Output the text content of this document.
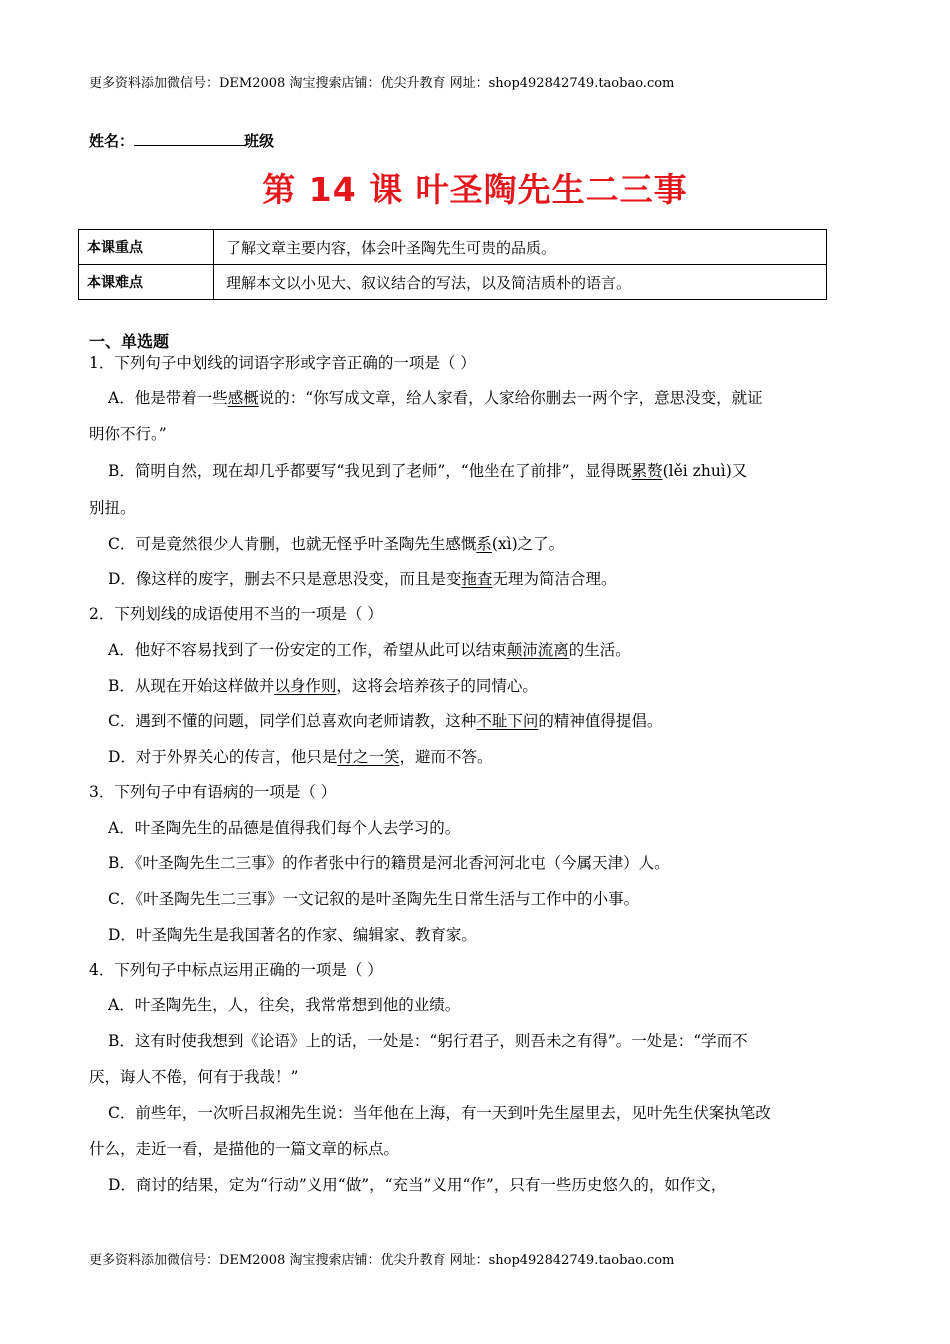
更多资料添加微信号：DEM2008 淘宝搜索店铺：优尖升教育 网址：shop492842749.taobao.com
姓名：	班级
第 14 课 叶圣陶先生二三事
本课重点	了解文章主要内容，体会叶圣陶先生可贵的品质。
本课难点	理解本文以小见大、叙议结合的写法，以及简洁质朴的语言。
一、单选题
1．下列句子中划线的词语字形或字音正确的一项是（ ）
A．他是带着一些感概说的：“你写成文章，给人家看，人家给你删去一两个字，意思没变，就证
明你不行。”
B．简明自然，现在却几乎都要写“我见到了老师”，“他坐在了前排”，显得既累赘(lěi zhuì)又
别扭。
C．可是竟然很少人肯删，也就无怪乎叶圣陶先生感慨系(xì)之了。
D．像这样的废字，删去不只是意思没变，而且是变拖査无理为简洁合理。
2．下列划线的成语使用不当的一项是（ ）
A．他好不容易找到了一份安定的工作，希望从此可以结束颠沛流离的生活。
B．从现在开始这样做并以身作则，这将会培养孩子的同情心。
C．遇到不懂的问题，同学们总喜欢向老师请教，这种不耻下问的精神值得提倡。
D．对于外界关心的传言，他只是付之一笑，避而不答。
3．下列句子中有语病的一项是（ ）
A．叶圣陶先生的品德是值得我们每个人去学习的。
B．《叶圣陶先生二三事》的作者张中行的籍贯是河北香河河北屯（今属天津）人。
C．《叶圣陶先生二三事》一文记叙的是叶圣陶先生日常生活与工作中的小事。
D．叶圣陶先生是我国著名的作家、编辑家、教育家。
4．下列句子中标点运用正确的一项是（ ）
A．叶圣陶先生，人，往矣，我常常想到他的业绩。
B．这有时使我想到《论语》上的话，一处是：“躬行君子，则吾未之有得”。一处是：“学而不
厌，诲人不倦，何有于我哉！”
C．前些年，一次听吕叔湘先生说：当年他在上海，有一天到叶先生屋里去，见叶先生伏案执笔改
什么，走近一看，是描他的一篇文章的标点。
D．商讨的结果，定为“行动”义用“做”，“充当”义用“作”，只有一些历史悠久的，如作文，
更多资料添加微信号：DEM2008 淘宝搜索店铺：优尖升教育 网址：shop492842749.taobao.com
